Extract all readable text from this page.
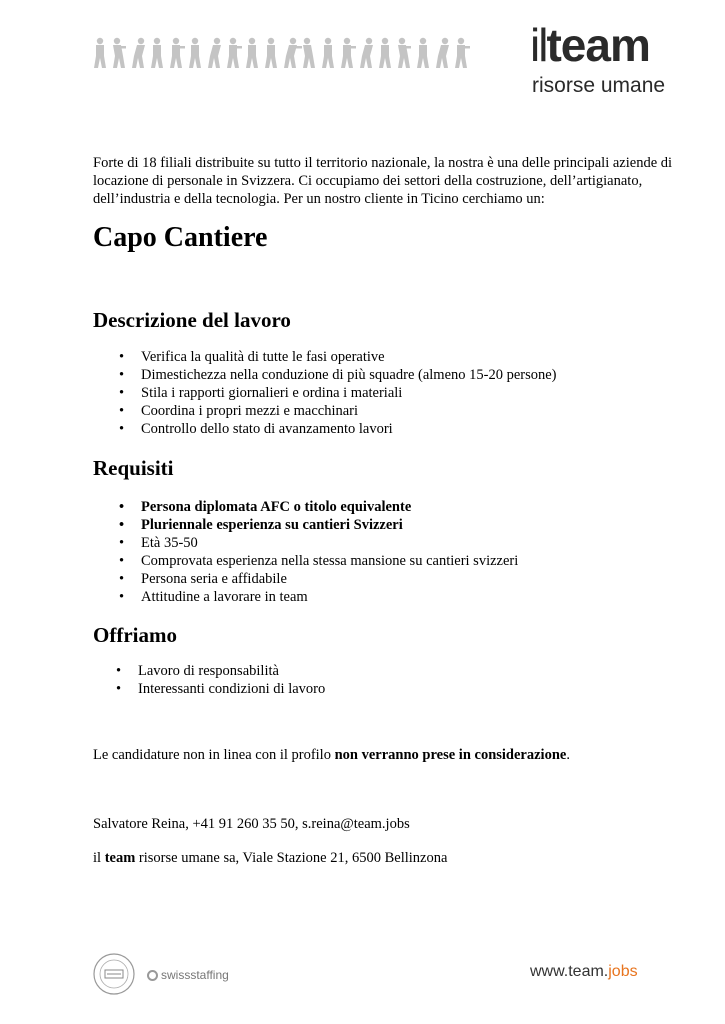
ilteam
risorse umane
Forte di 18 filiali distribuite su tutto il territorio nazionale, la nostra è una delle principali aziende di locazione di personale in Svizzera. Ci occupiamo dei settori della costruzione, dell’artigianato, dell’industria e della tecnologia. Per un nostro cliente in Ticino cerchiamo un:
Capo Cantiere
Descrizione del lavoro
• Verifica la qualità di tutte le fasi operative
• Dimestichezza nella conduzione di più squadre (almeno 15-20 persone)
• Stila i rapporti giornalieri e ordina i materiali
• Coordina i propri mezzi e macchinari
• Controllo dello stato di avanzamento lavori
Requisiti
• Persona diplomata AFC o titolo equivalente
• Pluriennale esperienza su cantieri Svizzeri
• Età 35-50
• Comprovata esperienza nella stessa mansione su cantieri svizzeri
• Persona seria e affidabile
• Attitudine a lavorare in team
Offriamo
• Lavoro di responsabilità
• Interessanti condizioni di lavoro

Le candidature non in linea con il profilo non verranno prese in considerazione.

Salvatore Reina, +41 91 260 35 50, s.reina@team.jobs

il team risorse umane sa, Viale Stazione 21, 6500 Bellinzona

swissstaffing	www.team.jobs
